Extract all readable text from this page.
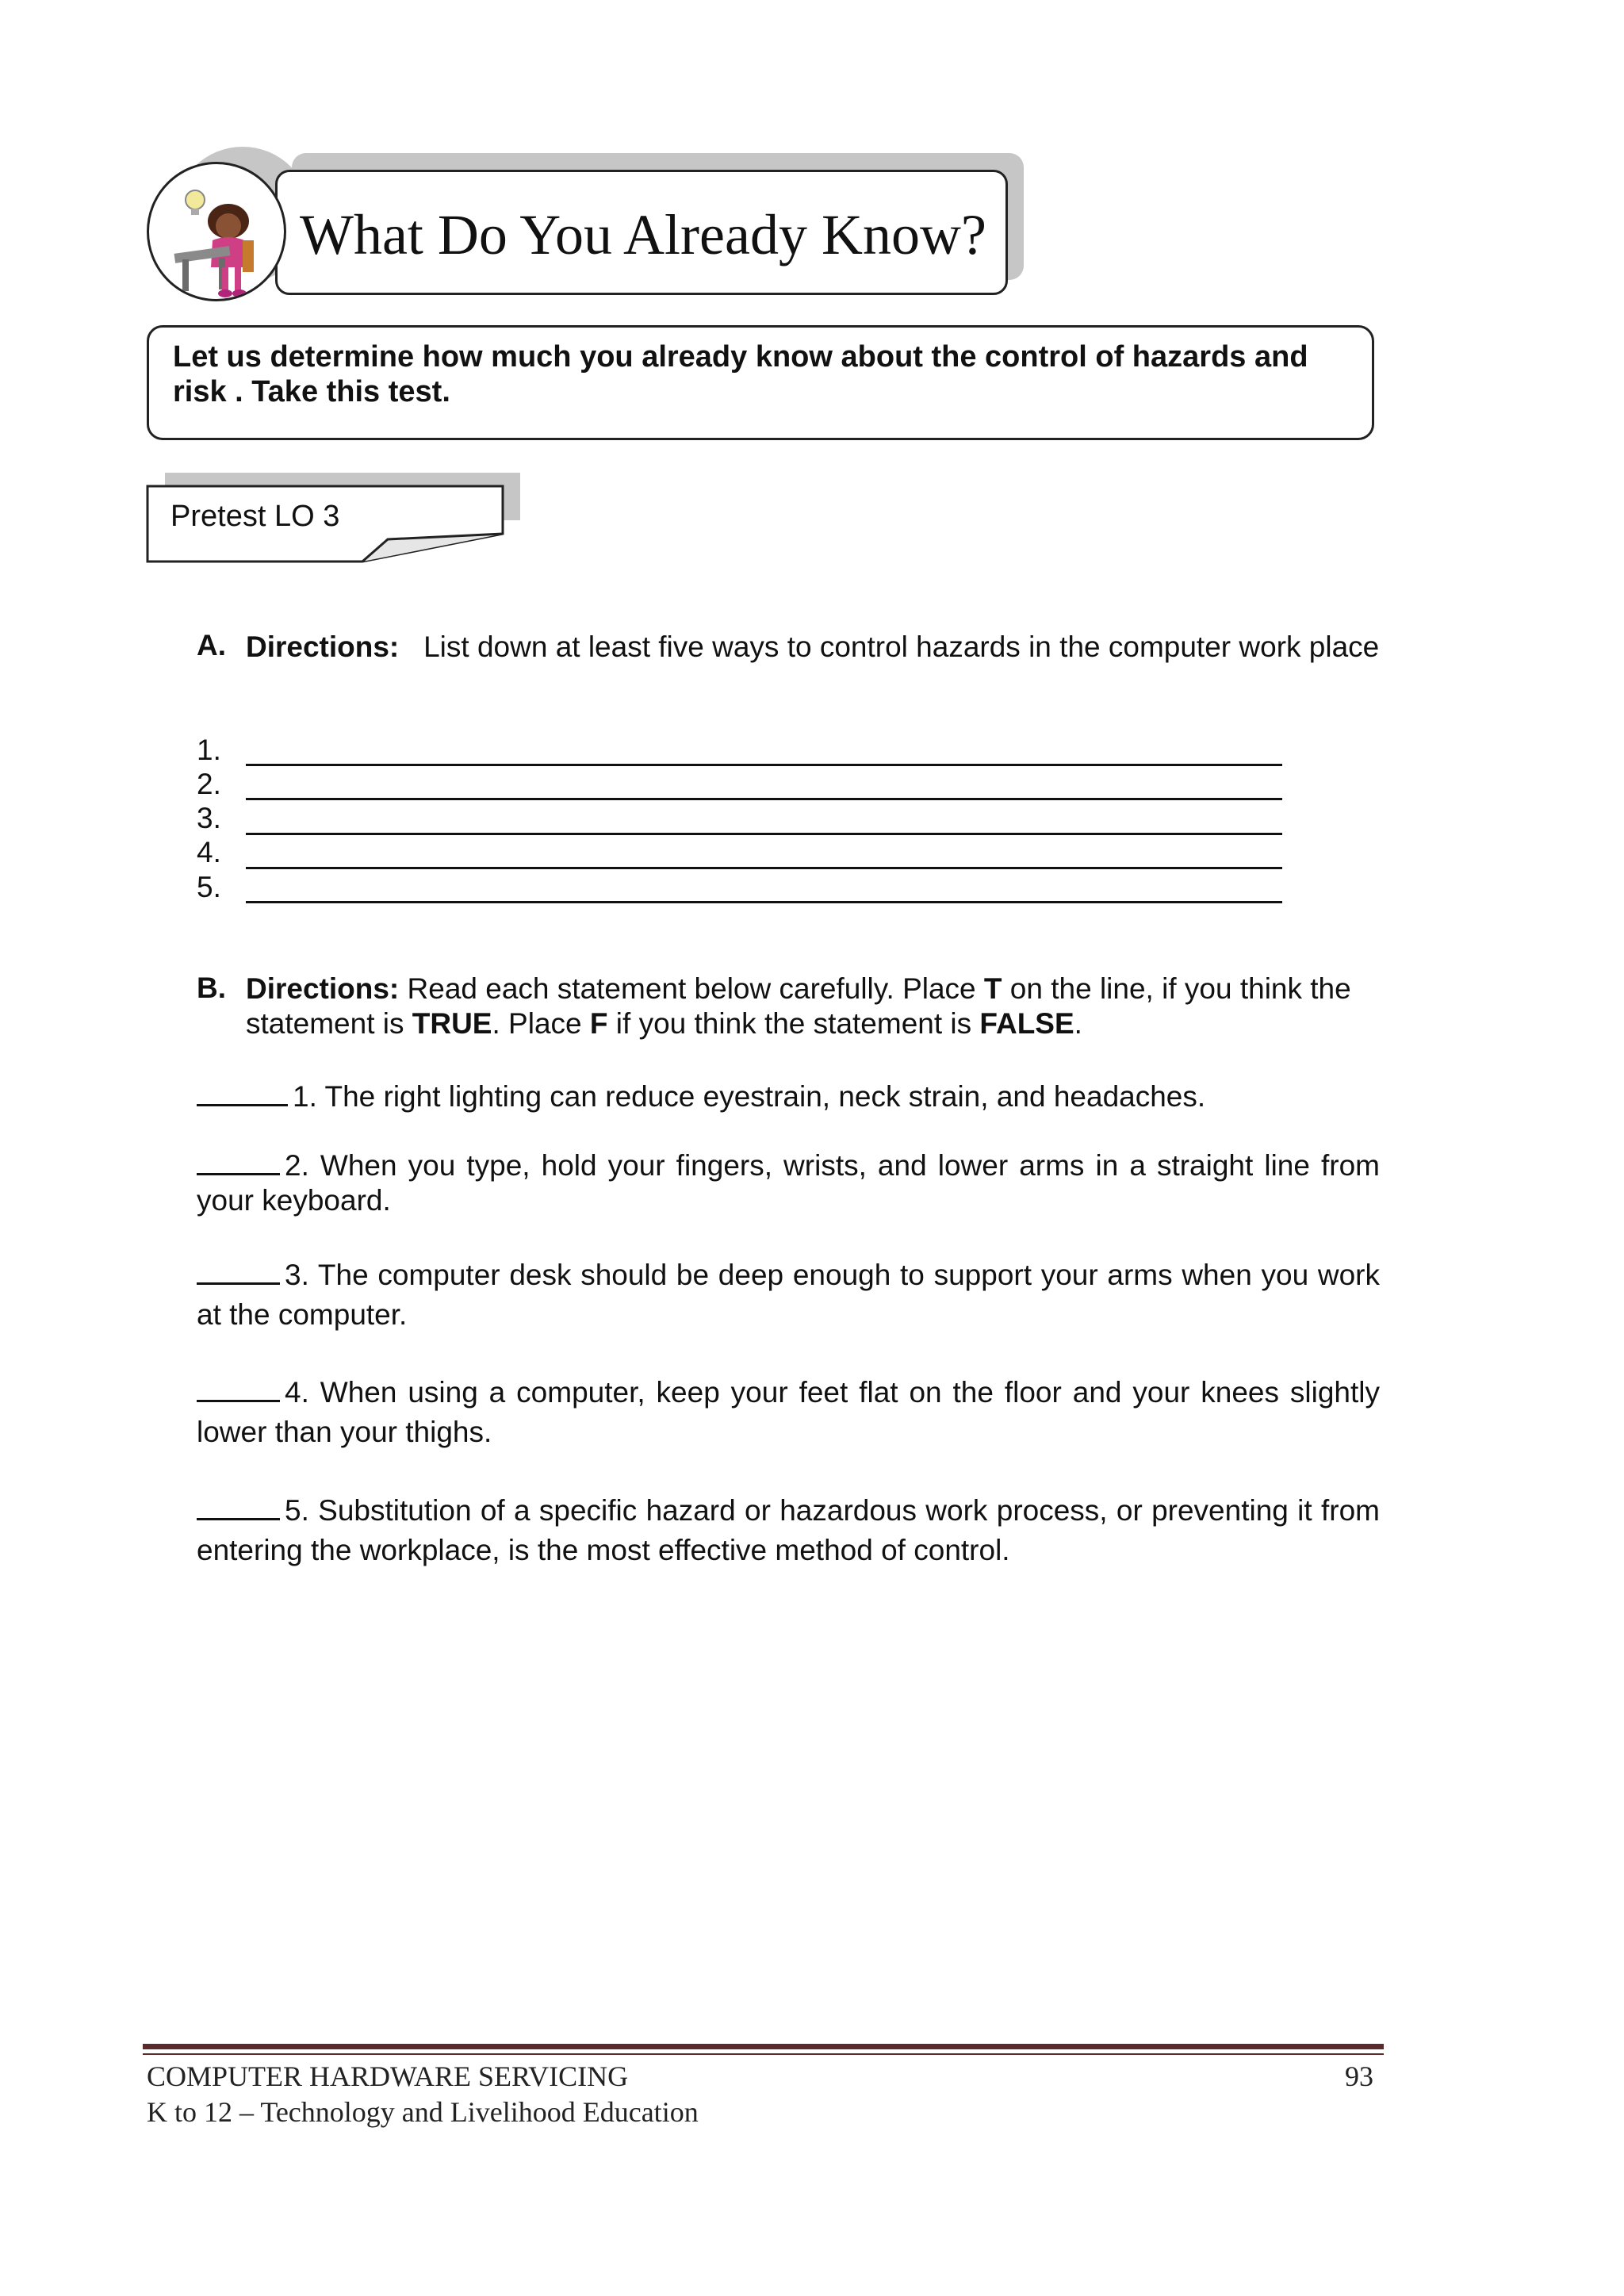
What Do You Already Know?
Let us determine how much you already know about the control of hazards and risk . Take this test.
Pretest LO 3
A. Directions: List down at least five ways to control hazards in the computer work place
1.
2.
3.
4.
5.
B. Directions: Read each statement below carefully. Place T on the line, if you think the statement is TRUE. Place F if you think the statement is FALSE.
1. The right lighting can reduce eyestrain, neck strain, and headaches.
2. When you type, hold your fingers, wrists, and lower arms in a straight line from your keyboard.
3. The computer desk should be deep enough to support your arms when you work at the computer.
4. When using a computer, keep your feet flat on the floor and your knees slightly lower than your thighs.
5. Substitution of a specific hazard or hazardous work process, or preventing it from entering the workplace, is the most effective method of control.
COMPUTER HARDWARE SERVICING	93
K to 12 – Technology and Livelihood Education
